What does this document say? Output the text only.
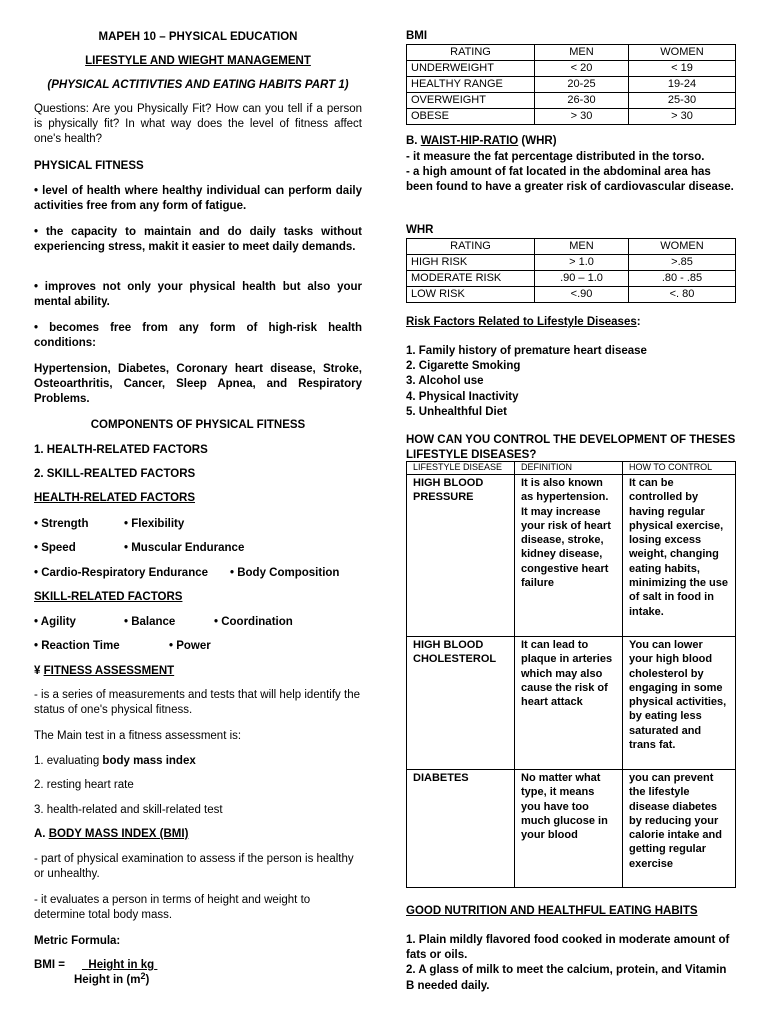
MAPEH 10 – PHYSICAL EDUCATION
LIFESTYLE AND WIEGHT MANAGEMENT
(PHYSICAL ACTITIVTIES AND EATING HABITS PART 1)

Questions: Are you Physically Fit? How can you tell if a person is physically fit? In what way does the level of fitness affect one's health?

PHYSICAL FITNESS

• level of health where healthy individual can perform daily activities free from any form of fatigue.

• the capacity to maintain and do daily tasks without experiencing stress, makit it easier to meet daily demands.

• improves not only your physical health but also your mental ability.

• becomes free from any form of high-risk health conditions:

Hypertension, Diabetes, Coronary heart disease, Stroke, Osteoarthritis, Cancer, Sleep Apnea, and Respiratory Problems.

COMPONENTS OF PHYSICAL FITNESS
1. HEALTH-RELATED FACTORS
2. SKILL-REALTED FACTORS
HEALTH-RELATED FACTORS
• Strength	• Flexibility
• Speed	• Muscular Endurance
• Cardio-Respiratory Endurance • Body Composition
SKILL-RELATED FACTORS
• Agility	• Balance	• Coordination
• Reaction Time	• Power
¥ FITNESS ASSESSMENT

- is a series of measurements and tests that will help identify the status of one's physical fitness.

The Main test in a fitness assessment is:
1. evaluating body mass index
2. resting heart rate
3. health-related and skill-related test
A. BODY MASS INDEX (BMI)

- part of physical examination to assess if the person is healthy or unhealthy.

- it evaluates a person in terms of height and weight to determine total body mass.

Metric Formula:
BMI =	Height in kg
Height in $(m^2)$
BMI
RATING	MEN	WOMEN
UNDERWEIGHT	< 20	< 19
HEALTHY RANGE	20-25	19-24
OVERWEIGHT	26-30	25-30
OBESE	> 30	> 30
B. WAIST-HIP-RATIO (WHR)

- it measure the fat percentage distributed in the torso.

- a high amount of fat located in the abdominal area has been found to have a greater risk of cardiovascular disease.

WHR
RATING	MEN	WOMEN
HIGH RISK	> 1.0	>.85
MODERATE RISK	.90 – 1.0	.80 - .85
LOW RISK	<.90	<. 80
Risk Factors Related to Lifestyle Diseases:
1. Family history of premature heart disease
2. Cigarette Smoking
3. Alcohol use
4. Physical Inactivity
5. Unhealthful Diet

HOW CAN YOU CONTROL THE DEVELOPMENT OF THESES LIFESTYLE DISEASES?

LIFESTYLE DISEASE	DEFINITION	HOW TO CONTROL
HIGH BLOOD PRESSURE	It is also known as hypertension. It may increase your risk of heart disease, stroke, kidney disease, congestive heart failure	It can be controlled by having regular physical exercise, losing excess weight, changing eating habits, minimizing the use of salt in food in intake.
HIGH BLOOD CHOLESTEROL	It can lead to plaque in arteries which may also cause the risk of heart attack	You can lower your high blood cholesterol by engaging in some physical activities, by eating less saturated and trans fat.
DIABETES	No matter what type, it means you have too much glucose in your blood	you can prevent the lifestyle disease diabetes by reducing your calorie intake and getting regular exercise
GOOD NUTRITION AND HEALTHFUL EATING HABITS
1. Plain mildly flavored food cooked in moderate amount of fats or oils.
2. A glass of milk to meet the calcium, protein, and Vitamin B needed daily.
